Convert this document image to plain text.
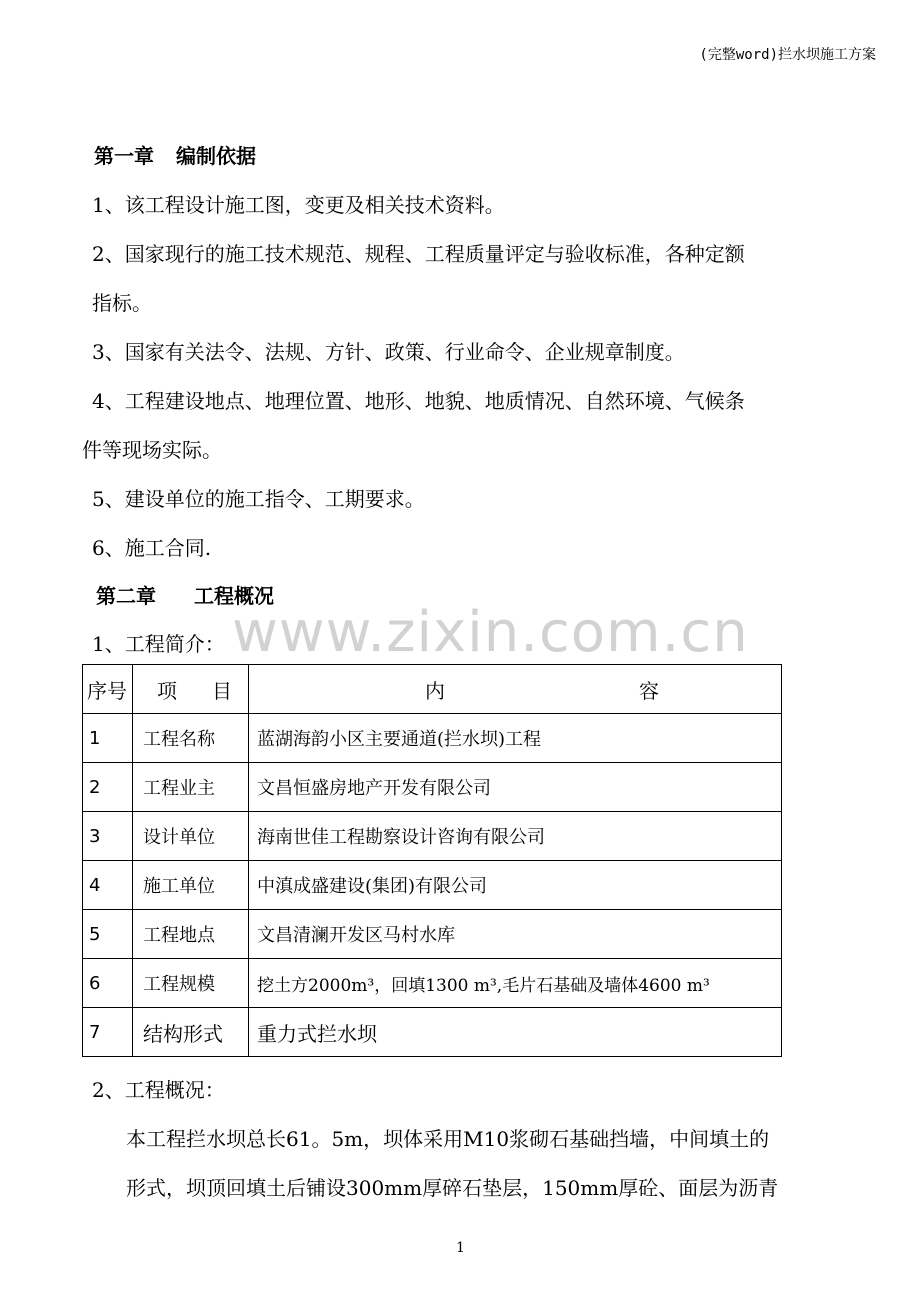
(完整word)拦水坝施工方案
第一章 编制依据
1、该工程设计施工图，变更及相关技术资料。
2、国家现行的施工技术规范、规程、工程质量评定与验收标准，各种定额
指标。
3、国家有关法令、法规、方针、政策、行业命令、企业规章制度。
4、工程建设地点、地理位置、地形、地貌、地质情况、自然环境、气候条
件等现场实际。
5、建设单位的施工指令、工期要求。
6、施工合同.
第二章 工程概况
www.zixin.com.cn
1、工程简介：
序号	项 目	内 容

1	工程名称	蓝湖海韵小区主要通道(拦水坝)工程
2	工程业主	文昌恒盛房地产开发有限公司
3	设计单位	海南世佳工程勘察设计咨询有限公司
4	施工单位	中滇成盛建设(集团)有限公司
5	工程地点	文昌清澜开发区马村水库
6	工程规模	挖土方2000m³，回填1300 m³,毛片石基础及墙体4600 m³
7	结构形式	重力式拦水坝
2、工程概况：
本工程拦水坝总长61。5m，坝体采用M10浆砌石基础挡墙，中间填土的
形式，坝顶回填土后铺设300mm厚碎石垫层，150mm厚砼、面层为沥青
1
